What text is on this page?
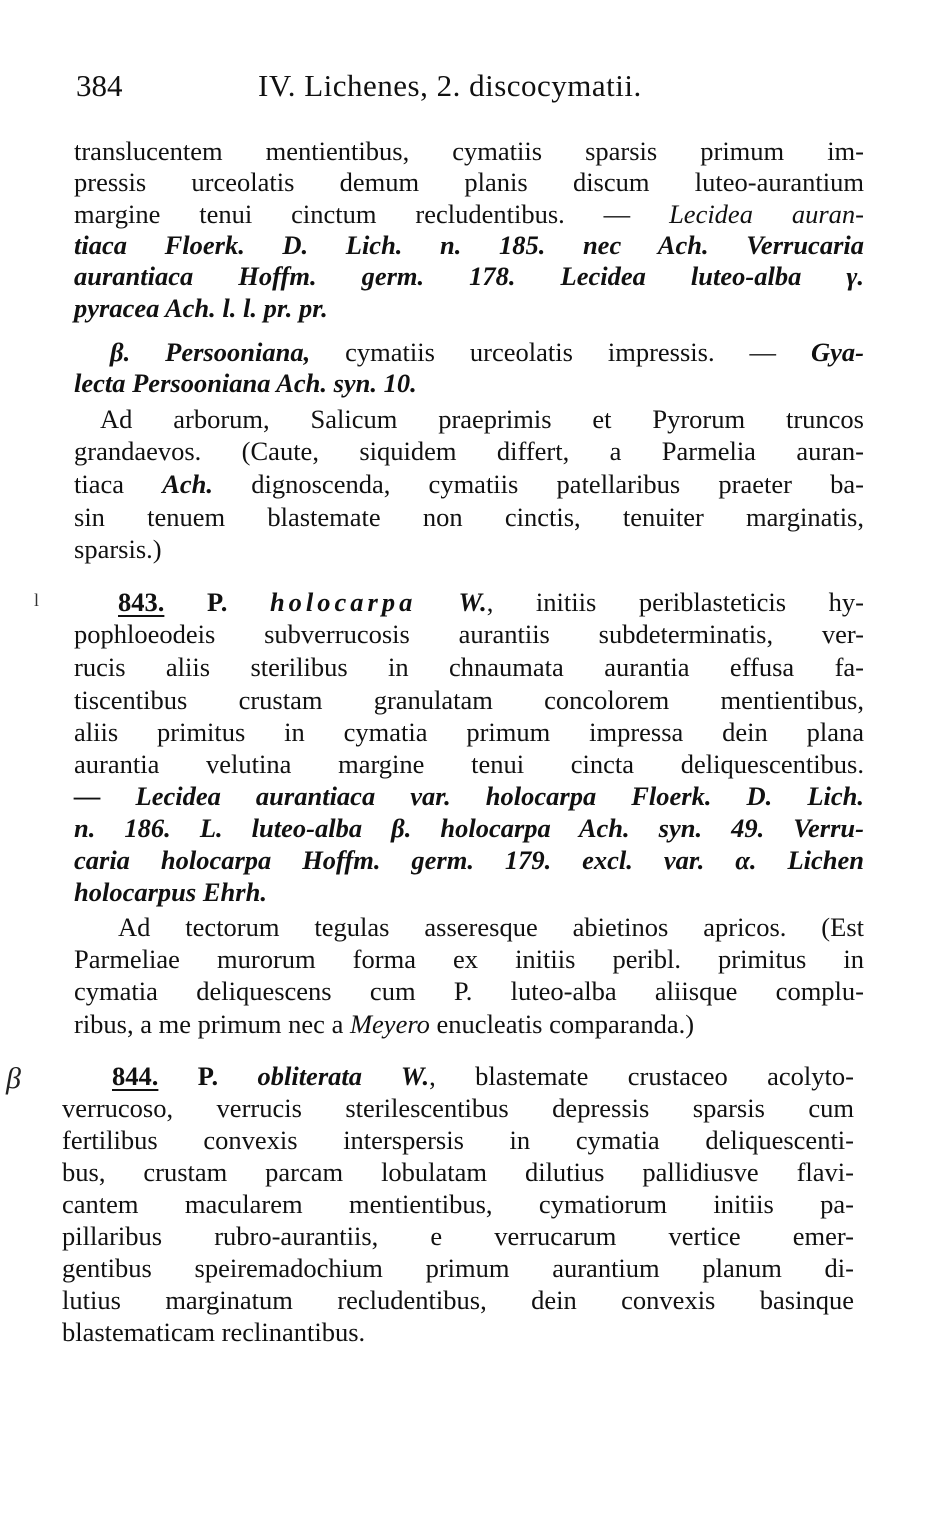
384	IV. Lichenes, 2. discocymatii.
translucentem mentientibus, cymatiis sparsis primum im-
pressis urceolatis demum planis discum luteo-aurantium
margine tenui cinctum recludentibus. — Lecidea auran-
tiaca Floerk. D. Lich. n. 185. nec Ach. Verrucaria
aurantiaca Hoffm. germ. 178. Lecidea luteo-alba γ.
pyracea Ach. l. l. pr. pr.
β. Persooniana, cymatiis urceolatis impressis. — Gya-
lecta Persooniana Ach. syn. 10.
Ad arborum, Salicum praeprimis et Pyrorum truncos
grandaevos. (Caute, siquidem differt, a Parmelia auran-
tiaca Ach. dignoscenda, cymatiis patellaribus praeter ba-
sin tenuem blastemate non cinctis, tenuiter marginatis,
sparsis.)
l	843. P. holocarpa W., initiis periblasteticis hy-
pophloeodeis subverrucosis aurantiis subdeterminatis, ver-
rucis aliis sterilibus in chnaumata aurantia effusa fa-
tiscentibus crustam granulatam concolorem mentientibus,
aliis primitus in cymatia primum impressa dein plana
aurantia velutina margine tenui cincta deliquescentibus.
— Lecidea aurantiaca var. holocarpa Floerk. D. Lich.
n. 186. L. luteo-alba β. holocarpa Ach. syn. 49. Verru-
caria holocarpa Hoffm. germ. 179. excl. var. α. Lichen
holocarpus Ehrh.
Ad tectorum tegulas asseresque abietinos apricos. (Est
Parmeliae murorum forma ex initiis peribl. primitus in
cymatia deliquescens cum P. luteo-alba aliisque complu-
ribus, a me primum nec a Meyero enucleatis comparanda.)
β	844. P. obliterata W., blastemate crustaceo acolyto-
verrucoso, verrucis sterilescentibus depressis sparsis cum
fertilibus convexis interspersis in cymatia deliquescenti-
bus, crustam parcam lobulatam dilutius pallidiusve flavi-
cantem macularem mentientibus, cymatiorum initiis pa-
pillaribus rubro-aurantiis, e verrucarum vertice emer-
gentibus speiremadochium primum aurantium planum di-
lutius marginatum recludentibus, dein convexis basinque
blastematicam reclinantibus.
